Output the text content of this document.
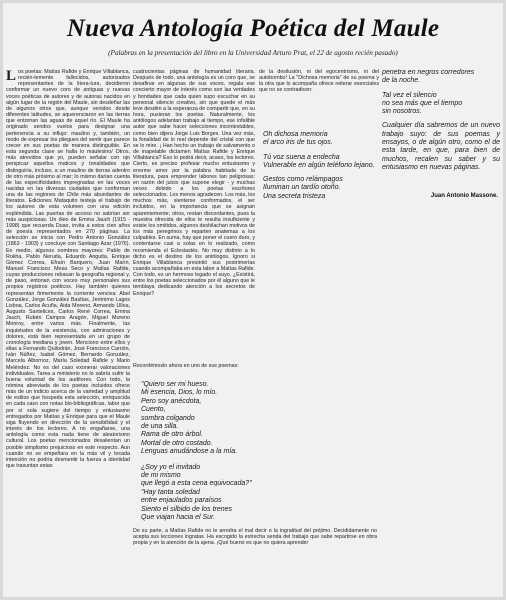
Nueva Antología Poética del Maule
(Palabras en la presentación del libro en la Universidad Arturo Prat, el 22 de agosto recién pasado)
L os poetas: Matías Rafide y Enrique Villablanca, recién-temente fallecidos, autorizados representantes de la litera-tura, decidieron conformar un nuevo coro de antiguas y nuevas voces poéticas de autores y de autoras nacidos en algún lugar de la región del Maule, sin desdeñar las de algunos otros que, aunque venidos desde diferentes latitudes, se aquerenciaron en las tierras que entornan las aguas de aquel río. El Maule ha originado sendos vuelos para designar una pertenencia a su influjo: maulino y, también, un modo de expresar los pliegues del sentir que parece crecer en sus poetas de manera distinguible. En esta segunda clase se halla lo maulesino/ Otros, más atrevidos que yo, pueden señalar con ojo perspicaz aquellos matices y tonalidades que distinguiría, incluso, a un maulino de tierras adentro de otro más próximo al mar; lo mismo darían cuenta de las especificidades impregnadas en las voces nacidas en las diversas ciudades que conforman una de las regiones de Chile más abundantes de literatos. Ediciones Mataquito testeja el trabajo de los autores de esta volumen con una edición espléndida. Las puertas de acceso no sabrían ser más auspiciosas. Un óleo de Emma Jauch (1915 - 1998) que recuerda Duao, invita a estos cien años de poesía representados en 270 páginas. La selección se inicia con Pedro Antonio González (1863 - 1903) y concluye con Santiago Azar (1976). En medio, algunos nombres mayores: Pablo de Rokha, Pablo Neruda, Eduardo Anguita, Enrique Gómez Correa, Efraín Barquero, Juan Marín, Manuel Francisco Mesa Seco y Matías Rafide, cuyas producciones rebasan la geografía regional y, de paso, entonan con voces muy personales sus propios registros poéticos. Hay también quienes representan firmemente la corriente venciva: Abel González, Jorge González Bastías, Jerónimo Lagos Lisboa, Carlos Acuña, Aida Moreno, Armando Ulloa, Augusto Santelices, Carlos René Correa, Emma Jauch, Rubén Campos Aragón, Miguel Moreno Monroy, entre varios más. Finalmente, las inquietudes de la existencia, con admiraciones y dolores, está bien representada en un grupo de cronología mediana y joven. Menciono entre ellos y ellas a Fernando Quilodrán, José Francisco Carrión, Iván Núñez, Isabel Gómez, Bernardo González, Marcela Albornoz, María Soledad Rafide y Mario Meléndez. No es del caso exonerar valoraciones individuales. Tarea a ministerio no lo sabría sufrir la buena voluntad de los auditores. Con todo, la nómina abreviada de los poetas incluidos ofrece más de un indicio acerca de la variedad y amplitud de estilos que hospeda esta selección, enriquecida en cada caso con notas bio-bibliográficas, labor que por sí sola sugiere del tiempo y entusiasmo entregados por Matías y Enrique para que el Maule siga fluyendo en dirección de la sensibilidad y el interés de los lectores. A no engañarse, una antología como esta nada tiene de aleatorismo cultural. Los poetas mencionados desalientan un posible simplismo prejuicioso en este respecto. Aun cuando no se empeñara en la más vil y tocada intención no podría desmentir la fuerza a identidad que trasuntan estas

cuatrocientas páginas de humanidad literaria. Después de todo, una antología es un coro que, se desafinar en algunas de sus voces, regala ese concierto mayor de interés como son las verdades y bondades que cada quien supo escuchar en su personal silencio creativo, sin que quede el más leve desdén a la esperanza de compartir que, en su hora, pusieran los poetas. Naturalmente, los antólogos adelantan trabajo al tiempo, ese infalible autor que sabe hacer selecciones incontestables, como bien dijera Jorge Luis Borges. Una vez más, la fonalidad de lo real depende del cristal con que se lo mire. ¡ Han hecho un trabajo de salvamento o de inapelable dictamen Matías Rafide y Enrique Villablanca? Eso lo podrá decir, acaso, los lectores. Cierto, es preciso profesar mucho entusiasmo y enorme amor por la palabra habitada de la literatura, para emprender labores tan peligrosas: en razón del juicio que supone elegir - y muchas veces debido a los poetas escritores seleccionados. Los menos agradecen. Los más, los muchos más, sienterse conformados, el ser incluidos, en la importancia que se asignan aparentemente; otros, restan discordantes, pues la muestra ofrecida de ellos le resulta insuficiente y existe los omitidos, algunos deshilachan motivos de los más peregrinos y reparten anatemas a los culpables. En suma, hay que poner el cuero duro, y contentarse casi a solas en lo realizado, como recomienda el Eclesiastés. No muy distinto a lo dicho es el destino de los antólogos. Ignoro si Enrique Villablanca presintió sus postrimerías cuando acompañaba en esta labor a Matías Rafide. Con todo, es un hermoso legado el suyo. ¿Existirá, entre los poetas seleccionados por él alguno que le temblaya dedicando atención a los secretos de Enrique?

Recordémoslo ahora en uno de sus poemas:

de la desilusión, ni del egocentrismo, ni del autobombo! La "Dichosa memoria" de su poema y la otra que lo acompaña ofrece reiterar esenciales que no se contradicen:

Oh dichosa memoria
el arco iris de tus ojos.
Tú voz suena a endecha
Vulnerable en algún teléfono lejano.
Gestos como relámpagos
Iluminan un tardío otoño.
Una secreta tristeza
penetra en negros corredores
de la noche.
Tal vez el silencio
no sea más que el tiempo
sin nosotros.

Cualquier día sabremos de un nuevo trabajo suyo: de sus poemas y ensayos, o de algún otro, como el de esta tarde, en que, para bien de muchos, recalen su saber y su entusiasmo en nuevas páginas.

Juan Antonio Massone.
"Quiero ser mi hueso.
Mi esencia, Dios, lo mío.
Pero soy anécdota,
Cuento,
sombra colgando
de una silla.
Rama de otro árbol.
Mortal de otro costado.
Lenguas anudándose a la mía.
¿Soy yo el invitado
de mi mismo
que llegó a esta cena equivocada?"
"Hay tanta soledad
entre enjaulados paraísos
Siento el silbido de los trenes
Que viajan hacia el Sur.

De su parte, a Matías Rafide no le arredra el mal decir o la ingratitud del prójimo. Decididamente no acepta sus lecciones ingratas. Ha escogido la estrecha senda del trabajo que sabe repartirse en obra propia y en la atención de la ajena. ¡Qué bueno es que no quiera aprender
